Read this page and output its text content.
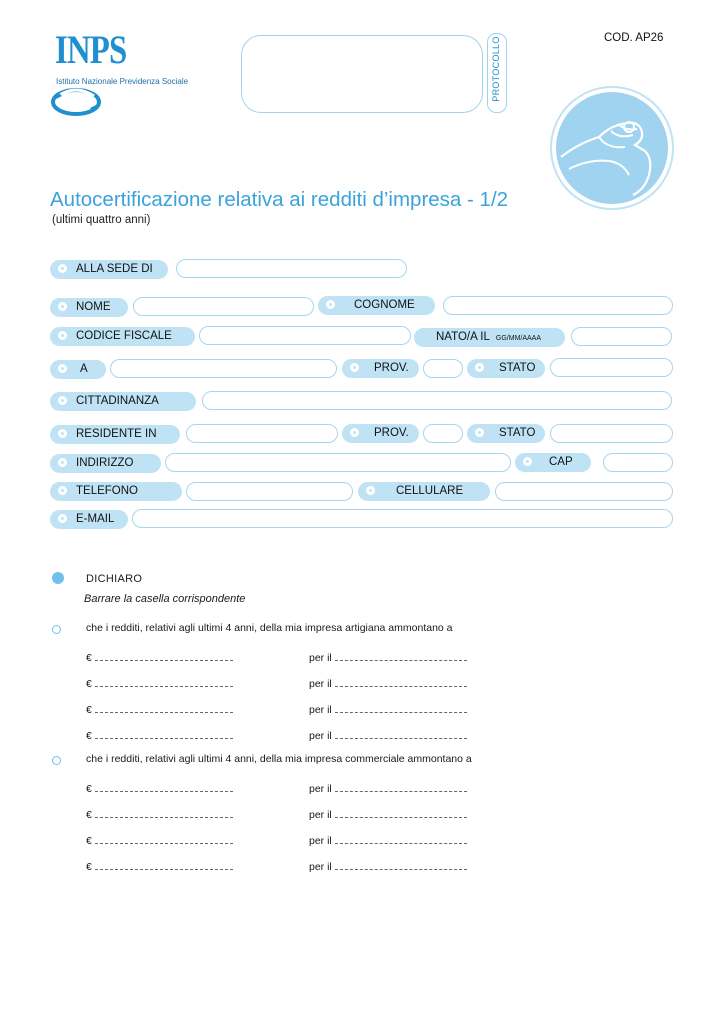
INPS
Istituto Nazionale Previdenza Sociale
COD. AP26
PROTOCOLLO
Autocertificazione relativa ai redditi d’impresa - 1/2
(ultimi quattro anni)
ALLA SEDE DI
NOME	COGNOME
CODICE FISCALE	NATO/A IL GG/MM/AAAA
A	PROV.	STATO
CITTADINANZA
RESIDENTE IN	PROV.	STATO
INDIRIZZO	CAP
TELEFONO	CELLULARE
E-MAIL
DICHIARO
Barrare la casella corrispondente
che i redditi, relativi agli ultimi 4 anni, della mia impresa artigiana ammontano a
€	per il
€	per il
€	per il
€	per il
che i redditi, relativi agli ultimi 4 anni, della mia impresa commerciale ammontano a
€	per il
€	per il
€	per il
€	per il
